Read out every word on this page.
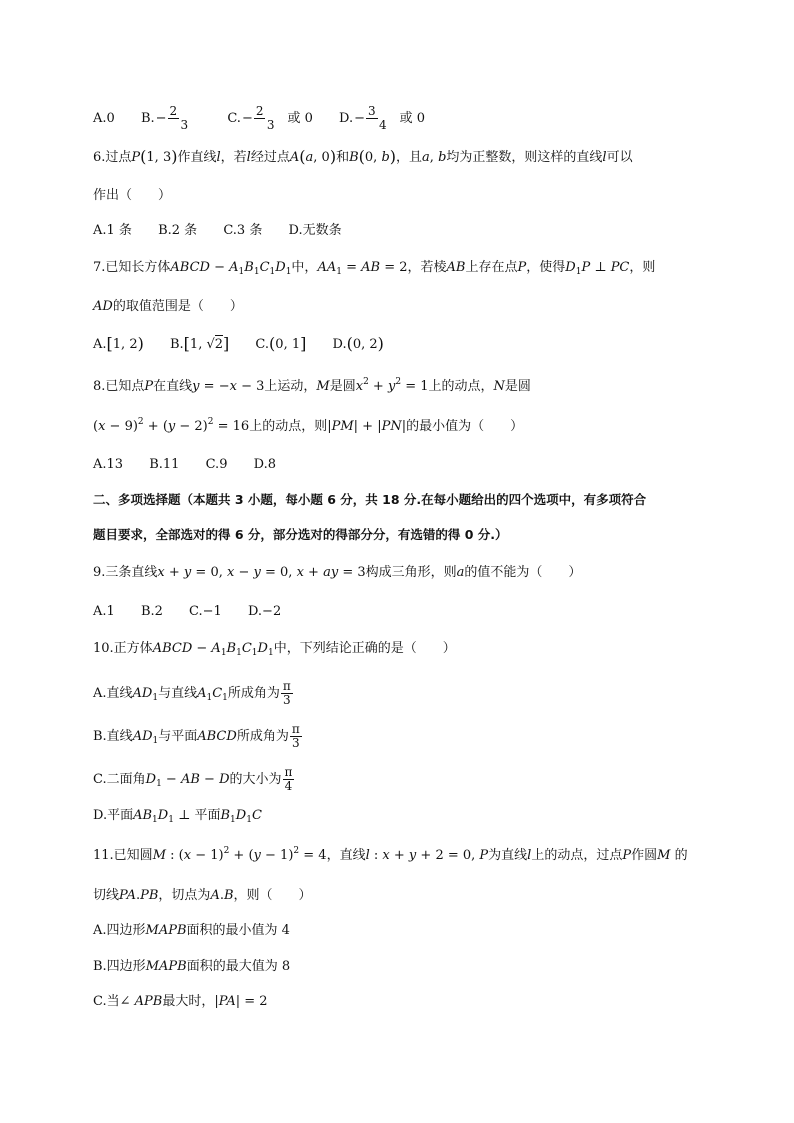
A.0 B.− 2
3	C.− 2
3 或 0 D.− 3
4 或 0
6.过点P(1, 3)作直线l，若l经过点A(a, 0)和B(0, b)，且a, b均为正整数，则这样的直线l可以
作出（　　）
A.1 条 B.2 条 C.3 条 D.无数条
7.已知长方体ABCD − $A_1B_1C_1D_1$中，$AA_1$ = AB = 2，若棱AB上存在点P，使得$D_1P$ ⊥ PC，则
AD的取值范围是（　　）
A.[1, 2) B.[1, √2] C.(0, 1] D.(0, 2)
8.已知点P在直线y = −x − 3上运动，M是圆$x^2 + y^2 = 1$上的动点，N是圆
$(x - 9)^2 + (y - 2)^2 = 16$上的动点，则|PM| + |PN|的最小值为（　　）
A.13 B.11 C.9 D.8
二、多项选择题（本题共 3 小题，每小题 6 分，共 18 分.在每小题给出的四个选项中，有多项符合
题目要求，全部选对的得 6 分，部分选对的得部分分，有选错的得 0 分.）
9.三条直线x + y = 0, x − y = 0, x + ay = 3构成三角形，则a的值不能为（　　）
A.1 B.2 C.−1 D.−2
10.正方体ABCD − $A_1B_1C_1D_1$中，下列结论正确的是（　　）
A.直线$AD_1$与直线$A_1C_1$所成角为 $\frac{\pi}{3}$
B.直线$AD_1$与平面ABCD所成角为 $\frac{\pi}{3}$
C.二面角$D_1$ − AB − D的大小为 $\frac{\pi}{4}$
D.平面$AB_1D_1$ ⊥ 平面$B_1D_1C$
11.已知圆M : $(x - 1)^2 + (y - 1)^2 = 4$，直线l : x + y + 2 = 0, P为直线l上的动点，过点P作圆M 的
切线PA.PB，切点为A.B，则（　　）
A.四边形MAPB面积的最小值为 4
B.四边形MAPB面积的最大值为 8
C.当∠ APB最大时，|PA| = 2
